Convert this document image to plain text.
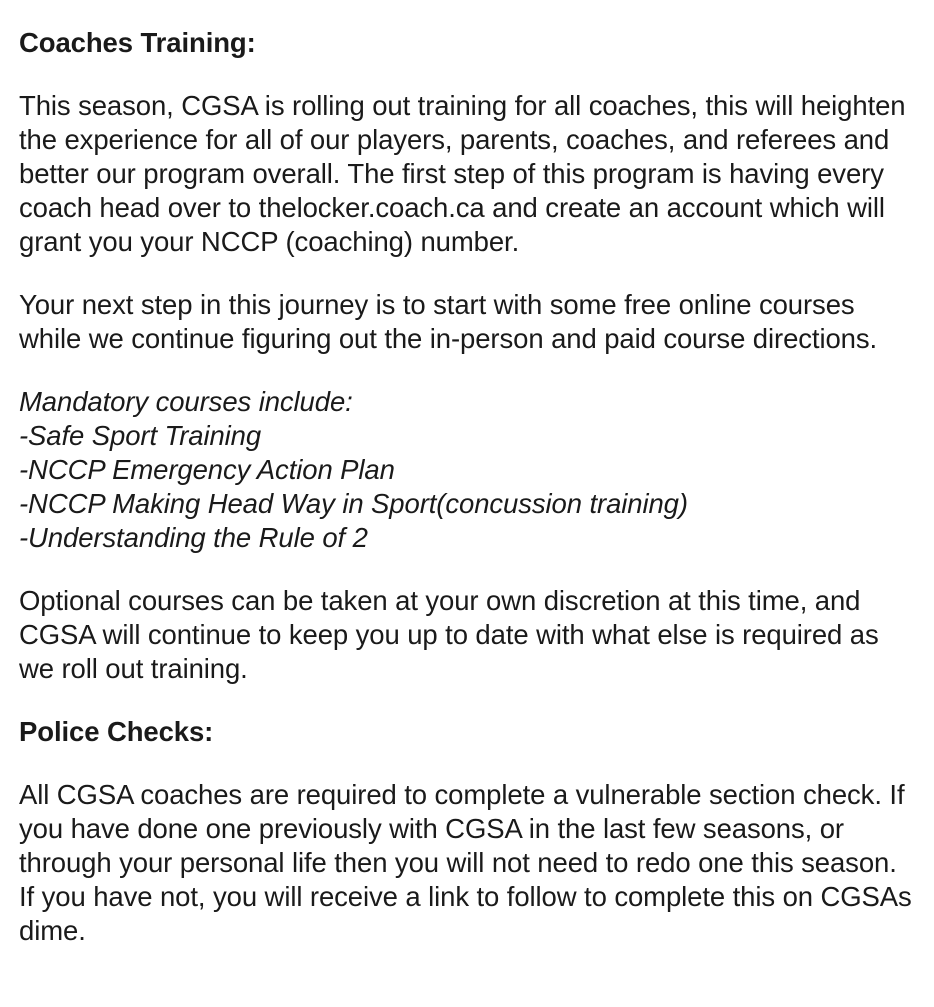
Coaches Training:

This season, CGSA is rolling out training for all coaches, this will heighten the experience for all of our players, parents, coaches, and referees and better our program overall. The first step of this program is having every coach head over to thelocker.coach.ca and create an account which will grant you your NCCP (coaching) number.

Your next step in this journey is to start with some free online courses while we continue figuring out the in-person and paid course directions.

Mandatory courses include:

-Safe Sport Training
-NCCP Emergency Action Plan
-NCCP Making Head Way in Sport(concussion training)
-Understanding the Rule of 2

Optional courses can be taken at your own discretion at this time, and CGSA will continue to keep you up to date with what else is required as we roll out training.

Police Checks:

All CGSA coaches are required to complete a vulnerable section check. If you have done one previously with CGSA in the last few seasons, or through your personal life then you will not need to redo one this season. If you have not, you will receive a link to follow to complete this on CGSAs dime.
